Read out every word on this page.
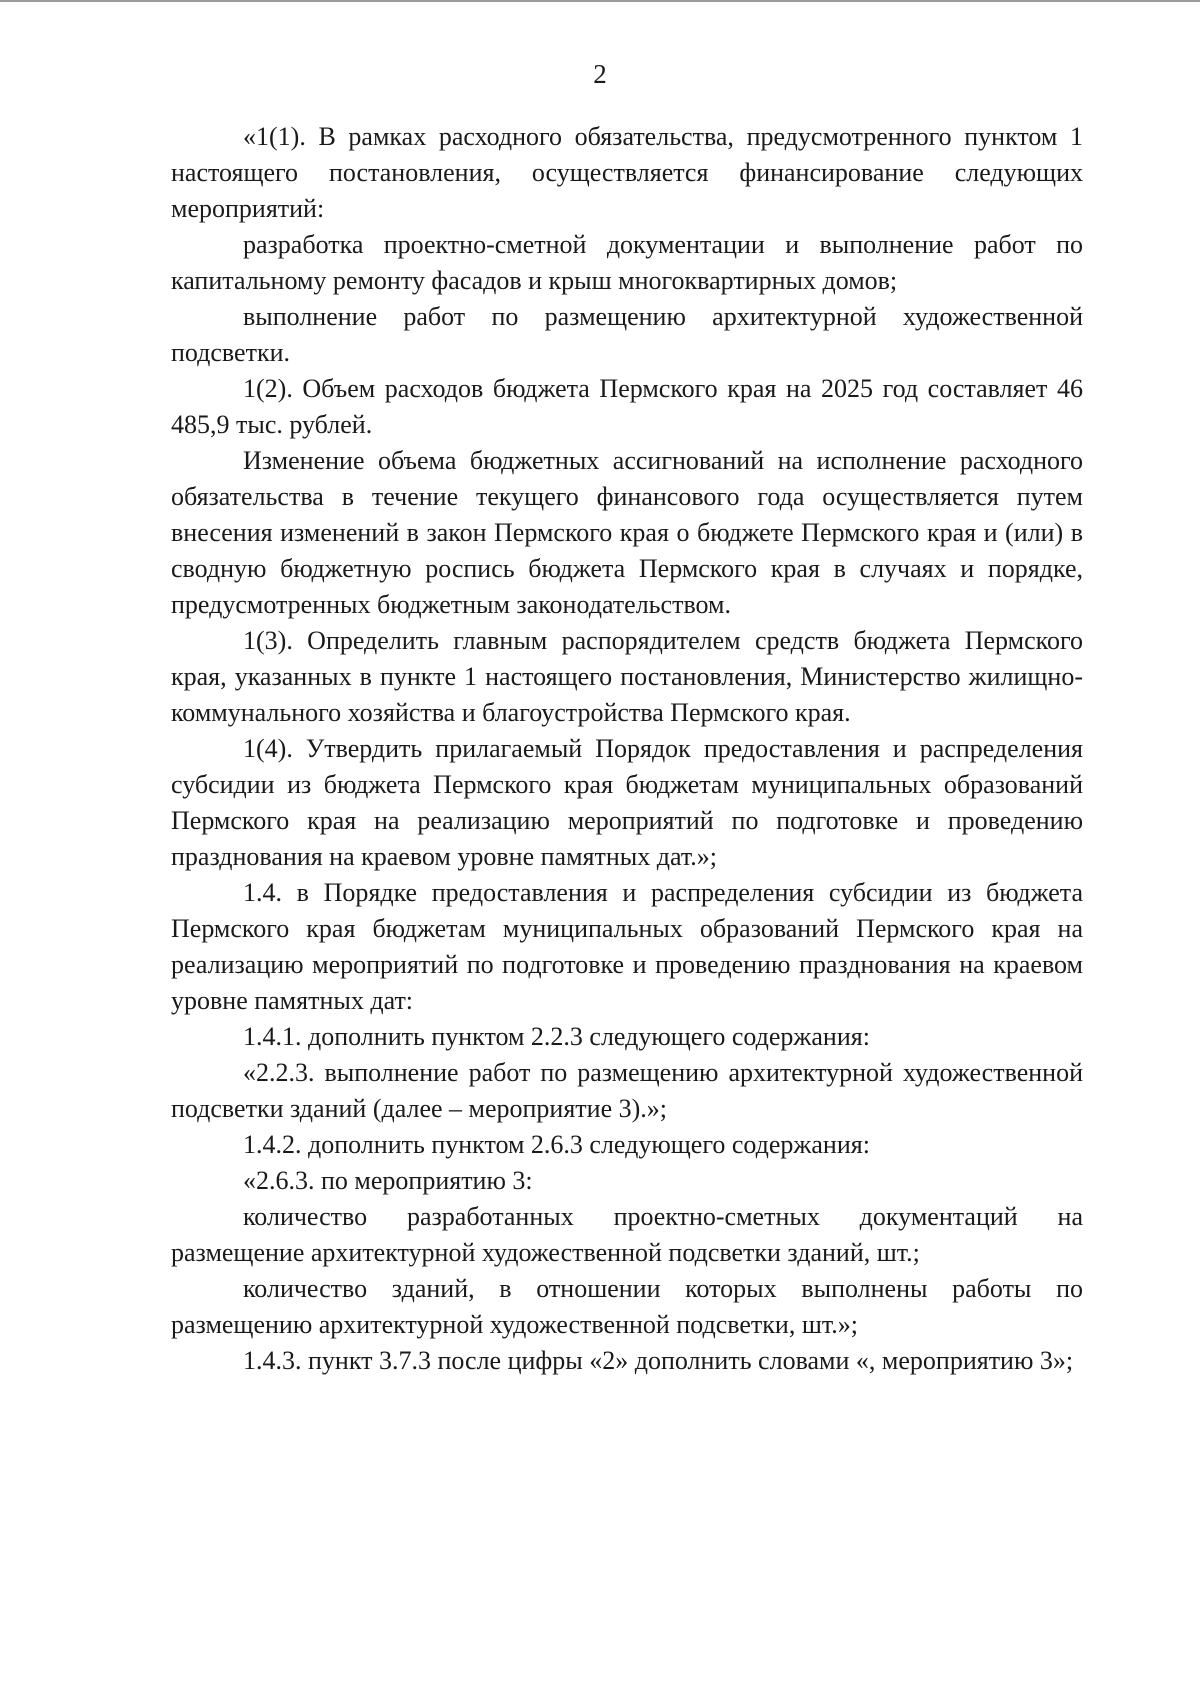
2

«1(1). В рамках расходного обязательства, предусмотренного пунктом 1 настоящего постановления, осуществляется финансирование следующих мероприятий:

разработка проектно-сметной документации и выполнение работ по капитальному ремонту фасадов и крыш многоквартирных домов;

выполнение работ по размещению архитектурной художественной подсветки.

1(2). Объем расходов бюджета Пермского края на 2025 год составляет 46 485,9 тыс. рублей.

Изменение объема бюджетных ассигнований на исполнение расходного обязательства в течение текущего финансового года осуществляется путем внесения изменений в закон Пермского края о бюджете Пермского края и (или) в сводную бюджетную роспись бюджета Пермского края в случаях и порядке, предусмотренных бюджетным законодательством.

1(3). Определить главным распорядителем средств бюджета Пермского края, указанных в пункте 1 настоящего постановления, Министерство жилищно-коммунального хозяйства и благоустройства Пермского края.

1(4). Утвердить прилагаемый Порядок предоставления и распределения субсидии из бюджета Пермского края бюджетам муниципальных образований Пермского края на реализацию мероприятий по подготовке и проведению празднования на краевом уровне памятных дат.»;

1.4. в Порядке предоставления и распределения субсидии из бюджета Пермского края бюджетам муниципальных образований Пермского края на реализацию мероприятий по подготовке и проведению празднования на краевом уровне памятных дат:

1.4.1. дополнить пунктом 2.2.3 следующего содержания:

«2.2.3. выполнение работ по размещению архитектурной художественной подсветки зданий (далее – мероприятие 3).»;

1.4.2. дополнить пунктом 2.6.3 следующего содержания:

«2.6.3. по мероприятию 3:

количество разработанных проектно-сметных документаций на размещение архитектурной художественной подсветки зданий, шт.;

количество зданий, в отношении которых выполнены работы по размещению архитектурной художественной подсветки, шт.»;

1.4.3. пункт 3.7.3 после цифры «2» дополнить словами «, мероприятию 3»;
